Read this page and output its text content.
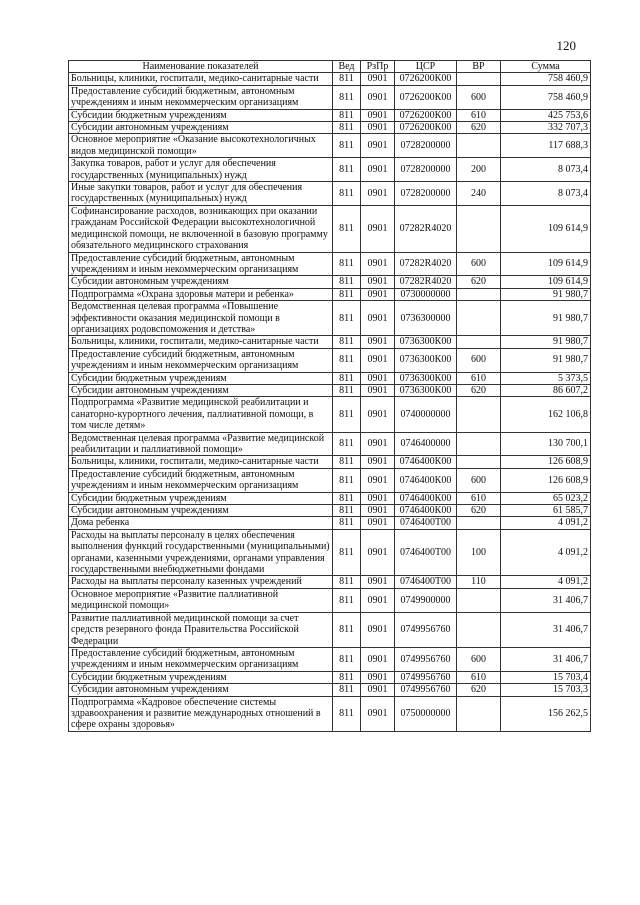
120
Наименование показателей	Вед	РзПр	ЦСР	ВР	Сумма
Больницы, клиники, госпитали, медико-санитарные части	811	0901	0726200К00		758 460,9
Предоставление субсидий бюджетным, автономным учреждениям и иным некоммерческим организациям	811	0901	0726200К00	600	758 460,9
Субсидии бюджетным учреждениям	811	0901	0726200К00	610	425 753,6
Субсидии автономным учреждениям	811	0901	0726200К00	620	332 707,3
Основное мероприятие «Оказание высокотехнологичных видов медицинской помощи»	811	0901	0728200000		117 688,3
Закупка товаров, работ и услуг для обеспечения государственных (муниципальных) нужд	811	0901	0728200000	200	8 073,4
Иные закупки товаров, работ и услуг для обеспечения государственных (муниципальных) нужд	811	0901	0728200000	240	8 073,4
Софинансирование расходов, возникающих при оказании гражданам Российской Федерации высокотехнологичной медицинской помощи, не включенной в базовую программу обязательного медицинского страхования	811	0901	07282R4020		109 614,9
Предоставление субсидий бюджетным, автономным учреждениям и иным некоммерческим организациям	811	0901	07282R4020	600	109 614,9
Субсидии автономным учреждениям	811	0901	07282R4020	620	109 614,9
Подпрограмма «Охрана здоровья матери и ребенка»	811	0901	0730000000		91 980,7
Ведомственная целевая программа «Повышение эффективности оказания медицинской помощи в организациях родовспоможения и детства»	811	0901	0736300000		91 980,7
Больницы, клиники, госпитали, медико-санитарные части	811	0901	0736300К00		91 980,7
Предоставление субсидий бюджетным, автономным учреждениям и иным некоммерческим организациям	811	0901	0736300К00	600	91 980,7
Субсидии бюджетным учреждениям	811	0901	0736300К00	610	5 373,5
Субсидии автономным учреждениям	811	0901	0736300К00	620	86 607,2
Подпрограмма «Развитие медицинской реабилитации и санаторно-курортного лечения, паллиативной помощи, в том числе детям»	811	0901	0740000000		162 106,8
Ведомственная целевая программа «Развитие медицинской реабилитации и паллиативной помощи»	811	0901	0746400000		130 700,1
Больницы, клиники, госпитали, медико-санитарные части	811	0901	0746400К00		126 608,9
Предоставление субсидий бюджетным, автономным учреждениям и иным некоммерческим организациям	811	0901	0746400К00	600	126 608,9
Субсидии бюджетным учреждениям	811	0901	0746400К00	610	65 023,2
Субсидии автономным учреждениям	811	0901	0746400К00	620	61 585,7
Дома ребенка	811	0901	0746400Т00		4 091,2
Расходы на выплаты персоналу в целях обеспечения выполнения функций государственными (муниципальными) органами, казенными учреждениями, органами управления государственными внебюджетными фондами	811	0901	0746400Т00	100	4 091,2
Расходы на выплаты персоналу казенных учреждений	811	0901	0746400Т00	110	4 091,2
Основное мероприятие «Развитие паллиативной медицинской помощи»	811	0901	0749900000		31 406,7
Развитие паллиативной медицинской помощи за счет средств резервного фонда Правительства Российской Федерации	811	0901	0749956760		31 406,7
Предоставление субсидий бюджетным, автономным учреждениям и иным некоммерческим организациям	811	0901	0749956760	600	31 406,7
Субсидии бюджетным учреждениям	811	0901	0749956760	610	15 703,4
Субсидии автономным учреждениям	811	0901	0749956760	620	15 703,3
Подпрограмма «Кадровое обеспечение системы здравоохранения и развитие международных отношений в сфере охраны здоровья»	811	0901	0750000000		156 262,5
